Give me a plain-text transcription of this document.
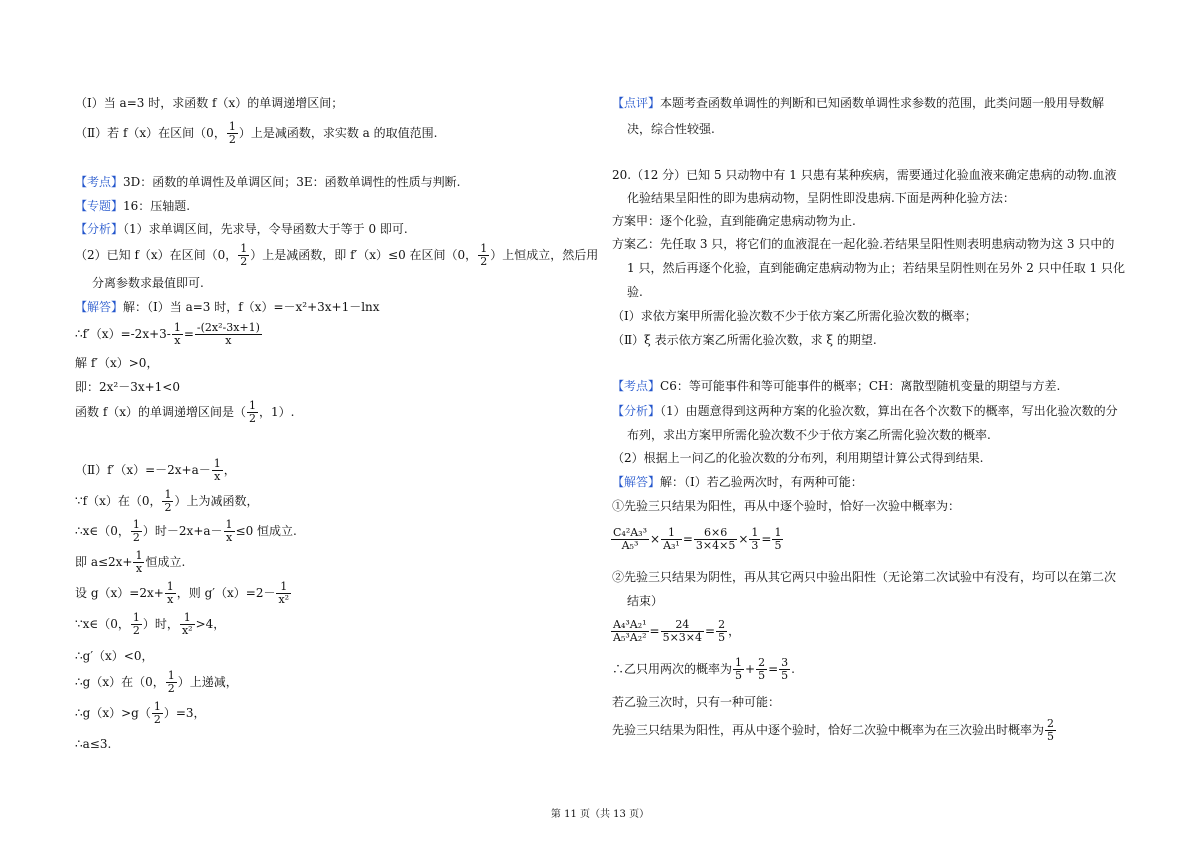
（Ⅰ）当 a=3 时，求函数 f（x）的单调递增区间；
（Ⅱ）若 f（x）在区间（0， $\frac{1}{2}$ ）上是减函数，求实数 a 的取值范围.
【考点】3D：函数的单调性及单调区间；3E：函数单调性的性质与判断.
【专题】16：压轴题.
【分析】（1）求单调区间，先求导，令导函数大于等于 0 即可.
（2）已知 f（x）在区间（0， $\frac{1}{2}$ ）上是减函数，即 f′（x）≤0 在区间（0， $\frac{1}{2}$ ）上恒成立，然后用
分离参数求最值即可.
【解答】解：（Ⅰ）当 a=3 时，f（x）=－x²+3x+1－lnx
∴f′（x）=-2x+3- $\frac{1}{x} = \frac{\text{-(2x²-3x+1)}}{x}$
解 f′（x）>0，
即：2x²－3x+1<0
函数 f（x）的单调递增区间是（ $\frac{1}{2}$ ，1）.
（Ⅱ）f′（x）=－2x+a－ $\frac{1}{x}$ ，
∵f（x）在（0， $\frac{1}{2}$ ）上为减函数，
∴x∈（0， $\frac{1}{2}$ ）时$-2x+a- \frac{1}{x} \le 0$ 恒成立.
即 $a\le 2x+ \frac{1}{x}$ 恒成立.
设 $g(x)=2x+ \frac{1}{x}$ ，则 $g'(x)=2- \frac{1}{\text{x²}}$
∵x∈（0， $\frac{1}{2}$ ）时， $\frac{1}{\text{x²}} >4$，
∴g′（x）<0，
∴g（x）在（0， $\frac{1}{2}$ ）上递减，
∴g（x）>g（ $\frac{1}{2} )=3$，
∴a≤3.
【点评】本题考查函数单调性的判断和已知函数单调性求参数的范围，此类问题一般用导数解
决，综合性较强.
20.（12 分）已知 5 只动物中有 1 只患有某种疾病，需要通过化验血液来确定患病的动物.血液
化验结果呈阳性的即为患病动物，呈阴性即没患病.下面是两种化验方法：
方案甲：逐个化验，直到能确定患病动物为止.
方案乙：先任取 3 只，将它们的血液混在一起化验.若结果呈阳性则表明患病动物为这 3 只中的
1 只，然后再逐个化验，直到能确定患病动物为止；若结果呈阴性则在另外 2 只中任取 1 只化
验.
（Ⅰ）求依方案甲所需化验次数不少于依方案乙所需化验次数的概率；
（Ⅱ）ξ 表示依方案乙所需化验次数，求 ξ 的期望.
【考点】C6：等可能事件和等可能事件的概率；CH：离散型随机变量的期望与方差.
【分析】（1）由题意得到这两种方案的化验次数，算出在各个次数下的概率，写出化验次数的分
布列，求出方案甲所需化验次数不少于依方案乙所需化验次数的概率.
（2）根据上一问乙的化验次数的分布列，利用期望计算公式得到结果.
【解答】解：（Ⅰ）若乙验两次时，有两种可能：
①先验三只结果为阳性，再从中逐个验时，恰好一次验中概率为：
$\frac{\text{C₄²A₃³}}{\text{A₅³}} \times \frac{1}{\text{A₃¹}} = \frac{6\times 6}{3\times 4\times 5} \times \frac{1}{3} = \frac{1}{5}$
②先验三只结果为阴性，再从其它两只中验出阳性（无论第二次试验中有没有，均可以在第二次
结束）
$\frac{\text{A₄³A₂¹}}{\text{A₅³A₂²}} = \frac{24}{5\times 3\times 4} = \frac{2}{5}$ ，
∴乙只用两次的概率为 $\frac{1}{5} + \frac{2}{5} = \frac{3}{5}$ .
若乙验三次时，只有一种可能：
先验三只结果为阳性，再从中逐个验时，恰好二次验中概率为在三次验出时概率为 $\frac{2}{5}$
第 11 页（共 13 页）
